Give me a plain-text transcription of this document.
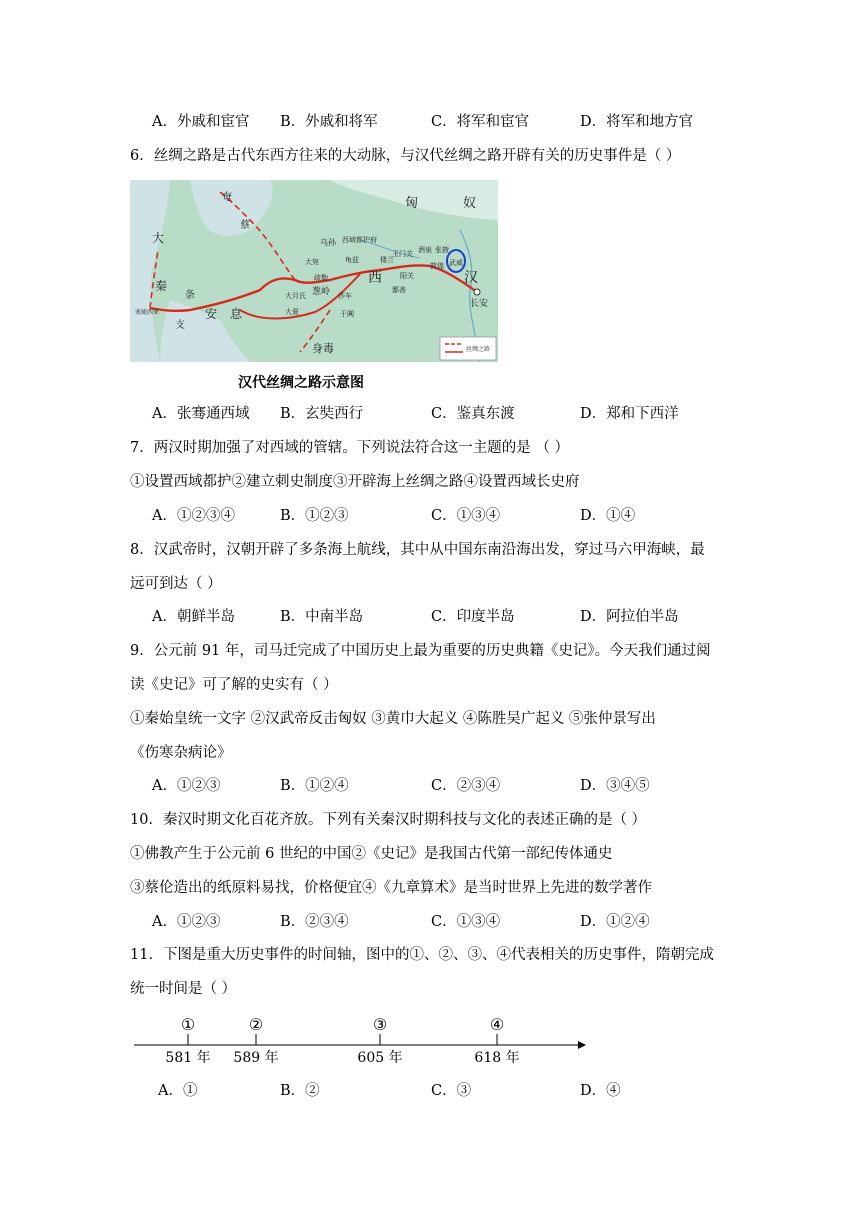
A．外戚和宦官 B．外戚和将军	C．将军和宦官	D．将军和地方官
6．丝绸之路是古代东西方往来的大动脉，与汉代丝绸之路开辟有关的历史事件是（ ）
匈	奴
奄
蔡
大
秦
条
支
安 息
西	汉
长安
身毒
乌孙 西域都护府
龟兹	楼兰
玉门关 酒泉 张掖
武威
敦煌
阳关
鄯善
大宛
疏勒
大月氏
大夏	于阗
莎车
葱岭
塞琉西亚
丝绸之路
汉代丝绸之路示意图
A．张骞通西域 B．玄奘西行	C．鉴真东渡	D．郑和下西洋
7．两汉时期加强了对西域的管辖。下列说法符合这一主题的是 （ ）
①设置西域都护②建立刺史制度③开辟海上丝绸之路④设置西域长史府
A．①②③④	B．①②③	C．①③④	D．①④
8．汉武帝时，汉朝开辟了多条海上航线，其中从中国东南沿海出发，穿过马六甲海峡，最
远可到达（ ）
A．朝鲜半岛	B．中南半岛	C．印度半岛	D．阿拉伯半岛
9．公元前 91 年，司马迁完成了中国历史上最为重要的历史典籍《史记》。今天我们通过阅
读《史记》可了解的史实有（ ）
①秦始皇统一文字 ②汉武帝反击匈奴 ③黄巾大起义 ④陈胜吴广起义 ⑤张仲景写出
《伤寒杂病论》
A．①②③	B．①②④	C．②③④	D．③④⑤
10．秦汉时期文化百花齐放。下列有关秦汉时期科技与文化的表述正确的是（ ）
①佛教产生于公元前 6 世纪的中国②《史记》是我国古代第一部纪传体通史
③蔡伦造出的纸原料易找，价格便宜④《九章算术》是当时世界上先进的数学著作
A．①②③	B．②③④	C．①③④	D．①②④
11．下图是重大历史事件的时间轴，图中的①、②、③、④代表相关的历史事件，隋朝完成
统一时间是（ ）
①
581 年
②
589 年
③
605 年
④
618 年
A．①	B．②	C．③	D．④
